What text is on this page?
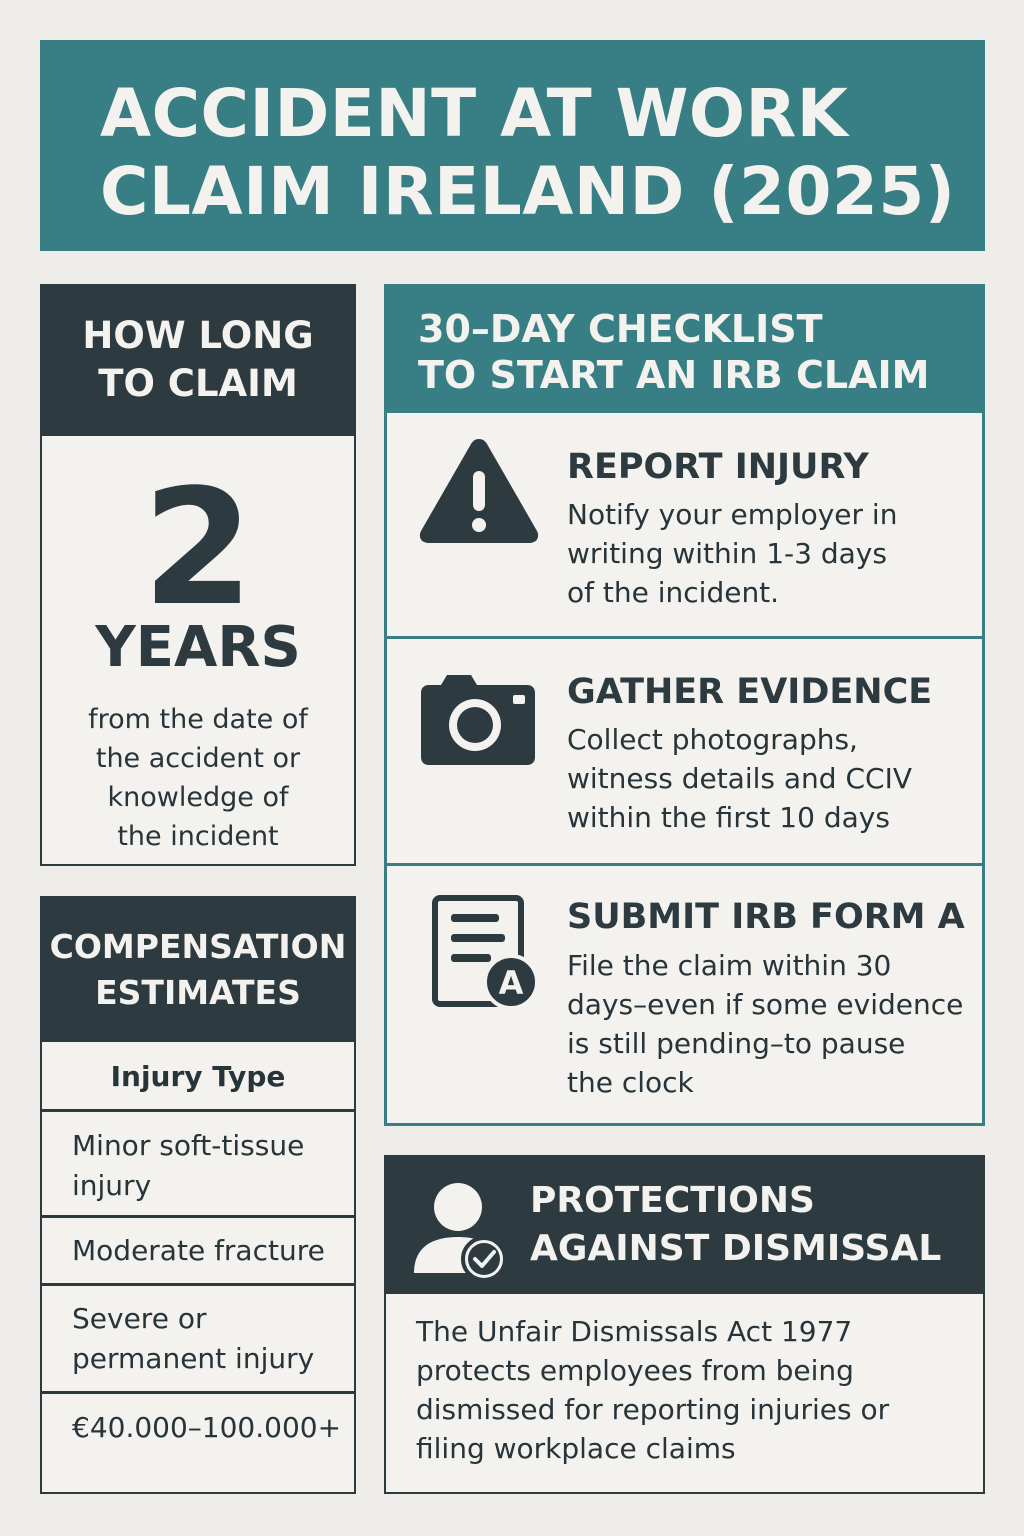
ACCIDENT AT WORK
CLAIM IRELAND (2025)
HOW LONG
TO CLAIM
2
YEARS
from the date of
the accident or
knowledge of
the incident
COMPENSATION
ESTIMATES
Injury Type
Minor soft-tissue
injury
Moderate fracture
Severe or
permanent injury
€40.000–100.000+
30–DAY CHECKLIST
TO START AN IRB CLAIM
REPORT INJURY
Notify your employer in
writing within 1-3 days
of the incident.
GATHER EVIDENCE
Collect photographs,
witness details and CCIV
within the first 10 days
A
SUBMIT IRB FORM A
File the claim within 30
days–even if some evidence
is still pending–to pause
the clock
PROTECTIONS
AGAINST DISMISSAL
The Unfair Dismissals Act 1977
protects employees from being
dismissed for reporting injuries or
filing workplace claims
